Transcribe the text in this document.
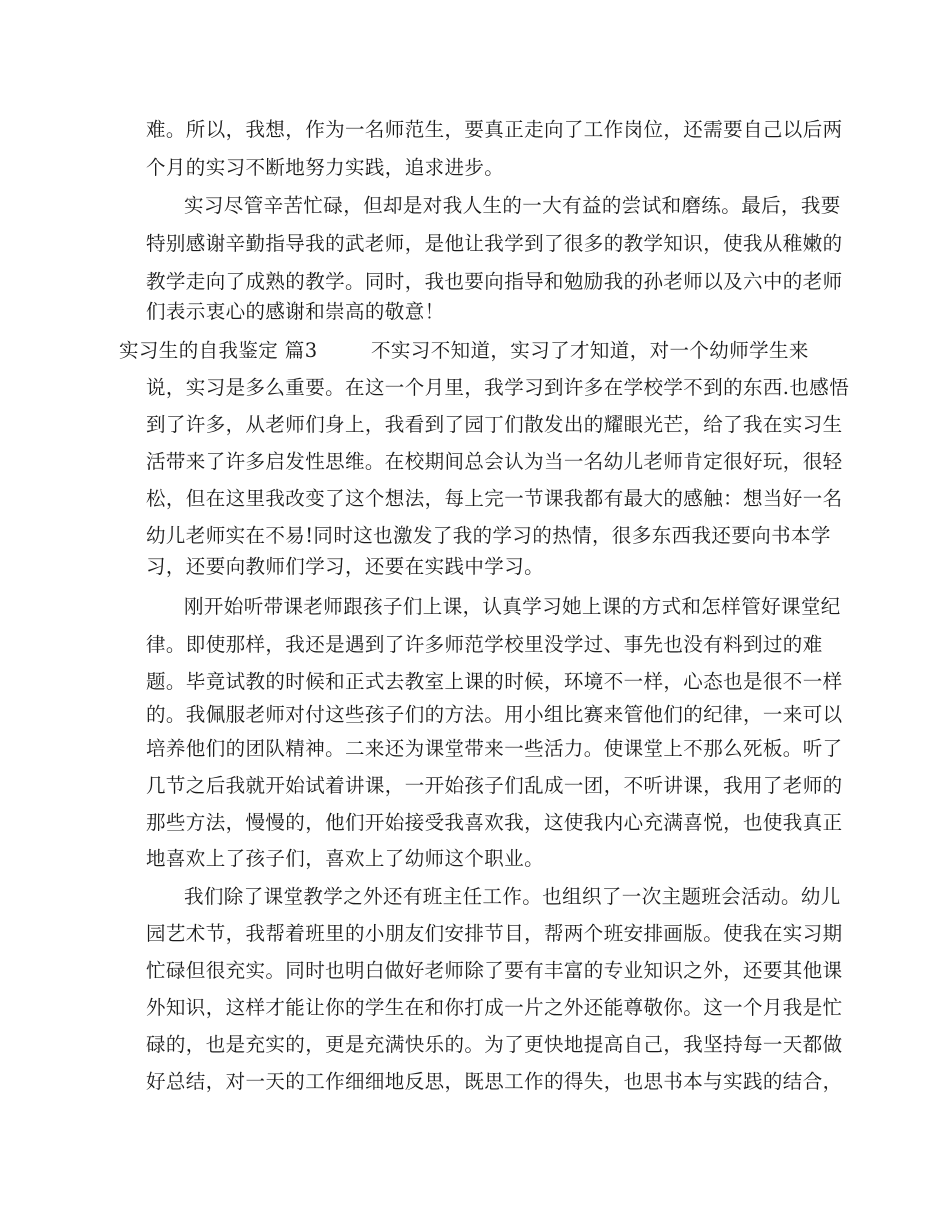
难。所以，我想，作为一名师范生，要真正走向了工作岗位，还需要自己以后两
个月的实习不断地努力实践，追求进步。
实习尽管辛苦忙碌，但却是对我人生的一大有益的尝试和磨练。最后，我要
特别感谢辛勤指导我的武老师，是他让我学到了很多的教学知识，使我从稚嫩的
教学走向了成熟的教学。同时，我也要向指导和勉励我的孙老师以及六中的老师
们表示衷心的感谢和崇高的敬意！
实习生的自我鉴定 篇3	不实习不知道，实习了才知道，对一个幼师学生来
说，实习是多么重要。在这一个月里，我学习到许多在学校学不到的东西.也感悟
到了许多，从老师们身上，我看到了园丁们散发出的耀眼光芒，给了我在实习生
活带来了许多启发性思维。在校期间总会认为当一名幼儿老师肯定很好玩，很轻
松，但在这里我改变了这个想法，每上完一节课我都有最大的感触：想当好一名
幼儿老师实在不易!同时这也激发了我的学习的热情，很多东西我还要向书本学
习，还要向教师们学习，还要在实践中学习。
刚开始听带课老师跟孩子们上课，认真学习她上课的方式和怎样管好课堂纪
律。即使那样，我还是遇到了许多师范学校里没学过、事先也没有料到过的难
题。毕竟试教的时候和正式去教室上课的时候，环境不一样，心态也是很不一样
的。我佩服老师对付这些孩子们的方法。用小组比赛来管他们的纪律，一来可以
培养他们的团队精神。二来还为课堂带来一些活力。使课堂上不那么死板。听了
几节之后我就开始试着讲课，一开始孩子们乱成一团，不听讲课，我用了老师的
那些方法，慢慢的，他们开始接受我喜欢我，这使我内心充满喜悦，也使我真正
地喜欢上了孩子们，喜欢上了幼师这个职业。
我们除了课堂教学之外还有班主任工作。也组织了一次主题班会活动。幼儿
园艺术节，我帮着班里的小朋友们安排节目，帮两个班安排画版。使我在实习期
忙碌但很充实。同时也明白做好老师除了要有丰富的专业知识之外，还要其他课
外知识，这样才能让你的学生在和你打成一片之外还能尊敬你。这一个月我是忙
碌的，也是充实的，更是充满快乐的。为了更快地提高自己，我坚持每一天都做
好总结，对一天的工作细细地反思，既思工作的得失，也思书本与实践的结合，
